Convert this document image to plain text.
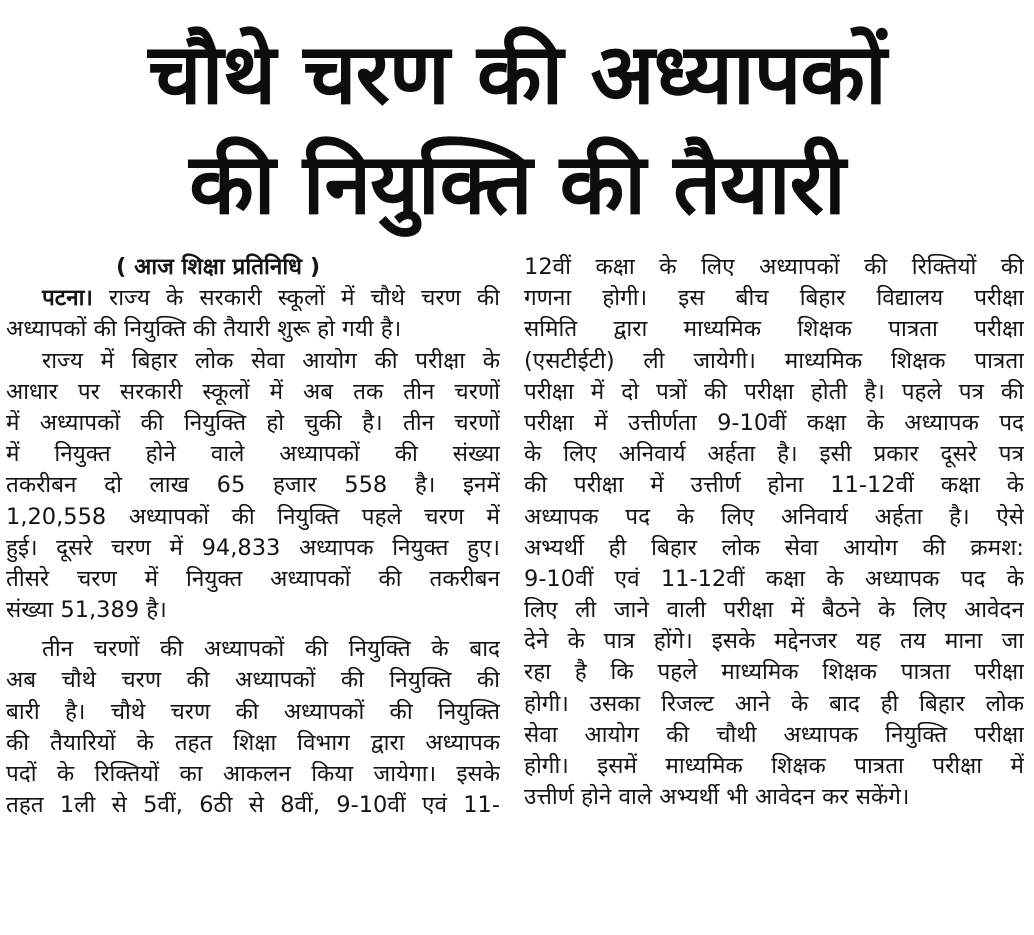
चौथे चरण की अध्यापकों
की नियुक्ति की तैयारी
( आज शिक्षा प्रतिनिधि )
पटना। राज्य के सरकारी स्कूलों में चौथे चरण की
अध्यापकों की नियुक्ति की तैयारी शुरू हो गयी है।
राज्य में बिहार लोक सेवा आयोग की परीक्षा के
आधार पर सरकारी स्कूलों में अब तक तीन चरणों
में अध्यापकों की नियुक्ति हो चुकी है। तीन चरणों
में नियुक्त होने वाले अध्यापकों की संख्या
तकरीबन दो लाख 65 हजार 558 है। इनमें
1,20,558 अध्यापकों की नियुक्ति पहले चरण में
हुई। दूसरे चरण में 94,833 अध्यापक नियुक्त हुए।
तीसरे चरण में नियुक्त अध्यापकों की तकरीबन
संख्या 51,389 है।
तीन चरणों की अध्यापकों की नियुक्ति के बाद
अब चौथे चरण की अध्यापकों की नियुक्ति की
बारी है। चौथे चरण की अध्यापकों की नियुक्ति
की तैयारियों के तहत शिक्षा विभाग द्वारा अध्यापक
पदों के रिक्तियों का आकलन किया जायेगा। इसके
तहत 1ली से 5वीं, 6ठी से 8वीं, 9-10वीं एवं 11-
12वीं कक्षा के लिए अध्यापकों की रिक्तियों की
गणना होगी। इस बीच बिहार विद्यालय परीक्षा
समिति द्वारा माध्यमिक शिक्षक पात्रता परीक्षा
(एसटीईटी) ली जायेगी। माध्यमिक शिक्षक पात्रता
परीक्षा में दो पत्रों की परीक्षा होती है। पहले पत्र की
परीक्षा में उत्तीर्णता 9-10वीं कक्षा के अध्यापक पद
के लिए अनिवार्य अर्हता है। इसी प्रकार दूसरे पत्र
की परीक्षा में उत्तीर्ण होना 11-12वीं कक्षा के
अध्यापक पद के लिए अनिवार्य अर्हता है। ऐसे
अभ्यर्थी ही बिहार लोक सेवा आयोग की क्रमश:
9-10वीं एवं 11-12वीं कक्षा के अध्यापक पद के
लिए ली जाने वाली परीक्षा में बैठने के लिए आवेदन
देने के पात्र होंगे। इसके मद्देनजर यह तय माना जा
रहा है कि पहले माध्यमिक शिक्षक पात्रता परीक्षा
होगी। उसका रिजल्ट आने के बाद ही बिहार लोक
सेवा आयोग की चौथी अध्यापक नियुक्ति परीक्षा
होगी। इसमें माध्यमिक शिक्षक पात्रता परीक्षा में
उत्तीर्ण होने वाले अभ्यर्थी भी आवेदन कर सकेंगे।
